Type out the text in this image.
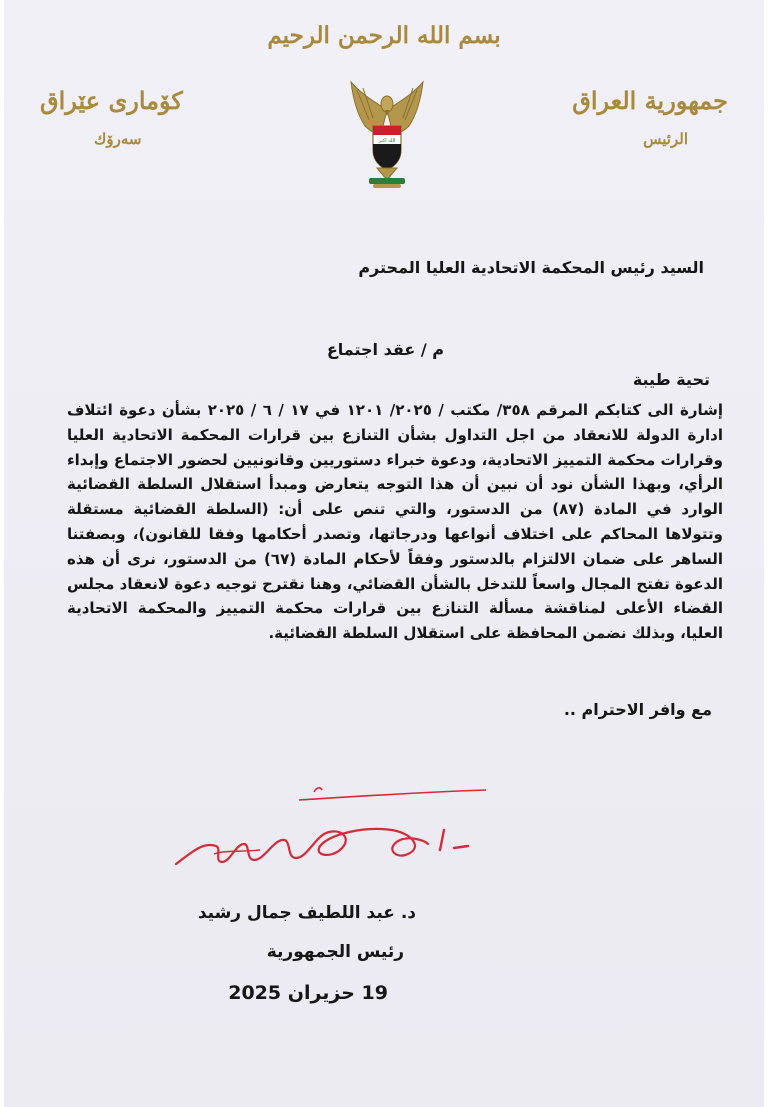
بسم الله الرحمن الرحيم
جمهورية العراق
الرئيس
كۆماری عێراق
سەرۆك	الله اكبر
السيد رئيس المحكمة الاتحادية العليا المحترم
م / عقد اجتماع
تحية طيبة
إشارة الى كتابكم المرقم ٣٥٨/ مكتب / ٢٠٢٥/ ١٢٠١ في ١٧ / ٦ / ٢٠٢٥ بشأن دعوة ائتلاف ادارة الدولة للانعقاد من اجل التداول بشأن التنازع بين قرارات المحكمة الاتحادية العليا وقرارات محكمة التمييز الاتحادية، ودعوة خبراء دستوريين وقانونيين لحضور الاجتماع وإبداء الرأي، وبهذا الشأن نود أن نبين أن هذا التوجه يتعارض ومبدأ استقلال السلطة القضائية الوارد في المادة (٨٧) من الدستور، والتي تنص على أن: (السلطة القضائية مستقلة وتتولاها المحاكم على اختلاف أنواعها ودرجاتها، وتصدر أحكامها وفقا للقانون)، وبصفتنا الساهر على ضمان الالتزام بالدستور وفقاً لأحكام المادة (٦٧) من الدستور، نرى أن هذه الدعوة تفتح المجال واسعاً للتدخل بالشأن القضائي، وهنا نقترح توجيه دعوة لانعقاد مجلس القضاء الأعلى لمناقشة مسألة التنازع بين قرارات محكمة التمييز والمحكمة الاتحادية العليا، وبذلك نضمن المحافظة على استقلال السلطة القضائية.
مع وافر الاحترام ..
د. عبد اللطيف جمال رشيد
رئيس الجمهورية
19 حزيران 2025
